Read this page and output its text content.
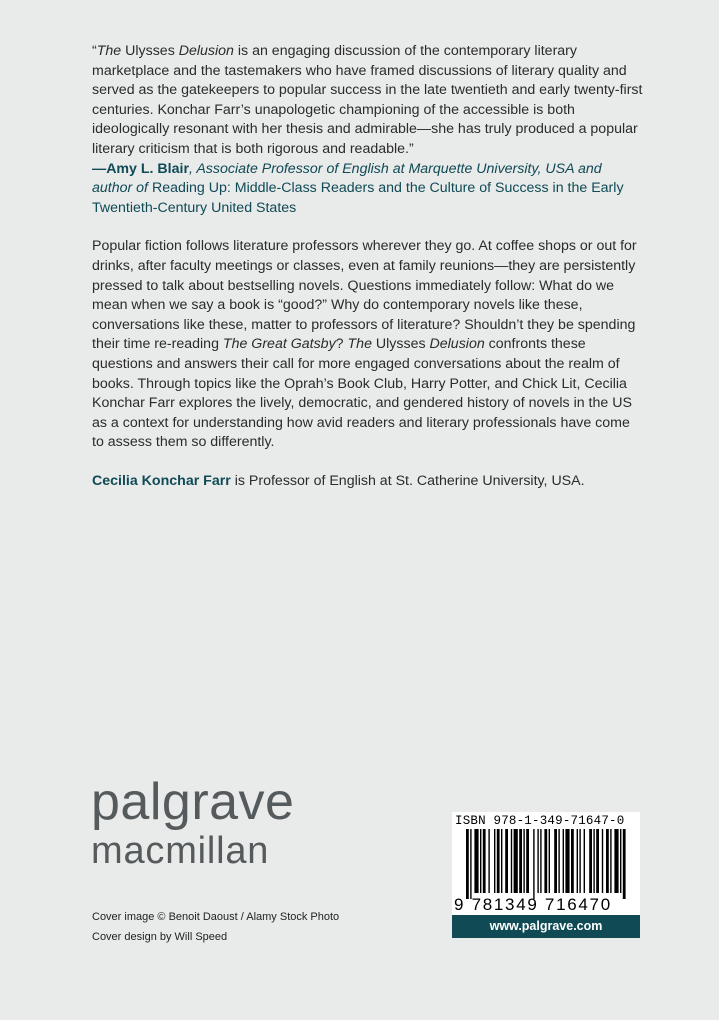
“The Ulysses Delusion is an engaging discussion of the contemporary literary marketplace and the tastemakers who have framed discussions of literary quality and served as the gatekeepers to popular success in the late twentieth and early twenty-first centuries. Konchar Farr’s unapologetic championing of the accessible is both ideologically resonant with her thesis and admirable—she has truly produced a popular literary criticism that is both rigorous and readable.”

—Amy L. Blair, Associate Professor of English at Marquette University, USA and author of Reading Up: Middle-Class Readers and the Culture of Success in the Early Twentieth-Century United States

Popular fiction follows literature professors wherever they go. At coffee shops or out for drinks, after faculty meetings or classes, even at family reunions—they are persistently pressed to talk about bestselling novels. Questions immediately follow: What do we mean when we say a book is “good?” Why do contemporary novels like these, conversations like these, matter to professors of literature? Shouldn’t they be spending their time re-reading The Great Gatsby? The Ulysses Delusion confronts these questions and answers their call for more engaged conversations about the realm of books. Through topics like the Oprah’s Book Club, Harry Potter, and Chick Lit, Cecilia Konchar Farr explores the lively, democratic, and gendered history of novels in the US as a context for understanding how avid readers and literary professionals have come to assess them so differently.

Cecilia Konchar Farr is Professor of English at St. Catherine University, USA.

palgrave
macmillan
Cover image © Benoit Daoust / Alamy Stock Photo
Cover design by Will Speed
ISBN 978-1-349-71647-0
9 781349 716470
www.palgrave.com
